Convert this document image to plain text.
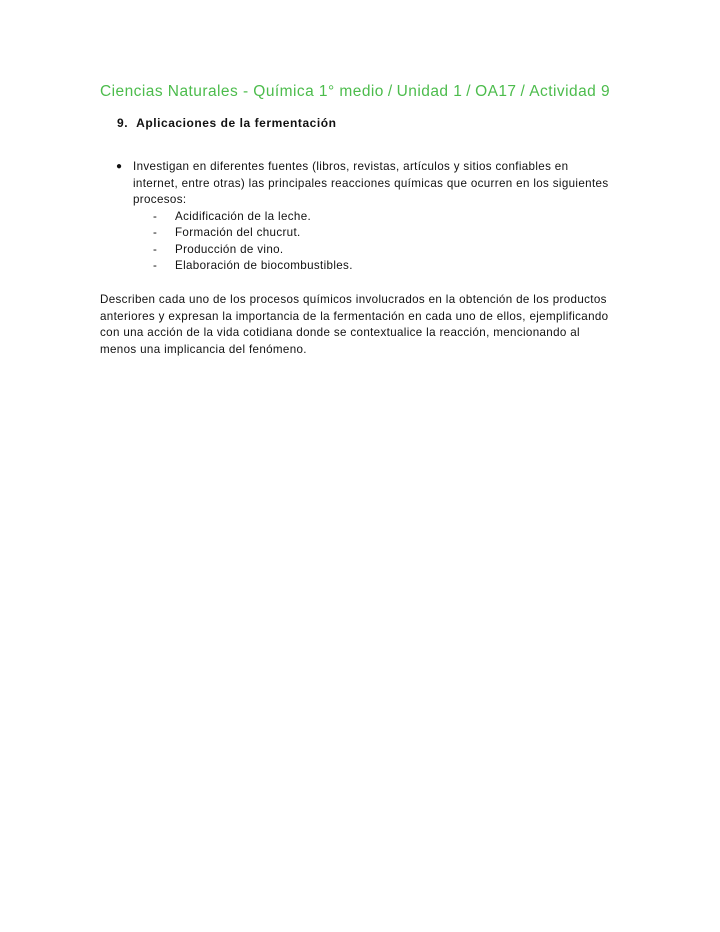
Ciencias Naturales - Química 1° medio / Unidad 1 / OA17 / Actividad 9
9. Aplicaciones de la fermentación
● Investigan en diferentes fuentes (libros, revistas, artículos y sitios confiables en internet, entre otras) las principales reacciones químicas que ocurren en los siguientes procesos:
-	Acidificación de la leche.
-	Formación del chucrut.
-	Producción de vino.
-	Elaboración de biocombustibles.
Describen cada uno de los procesos químicos involucrados en la obtención de los productos anteriores y expresan la importancia de la fermentación en cada uno de ellos, ejemplificando con una acción de la vida cotidiana donde se contextualice la reacción, mencionando al menos una implicancia del fenómeno.
